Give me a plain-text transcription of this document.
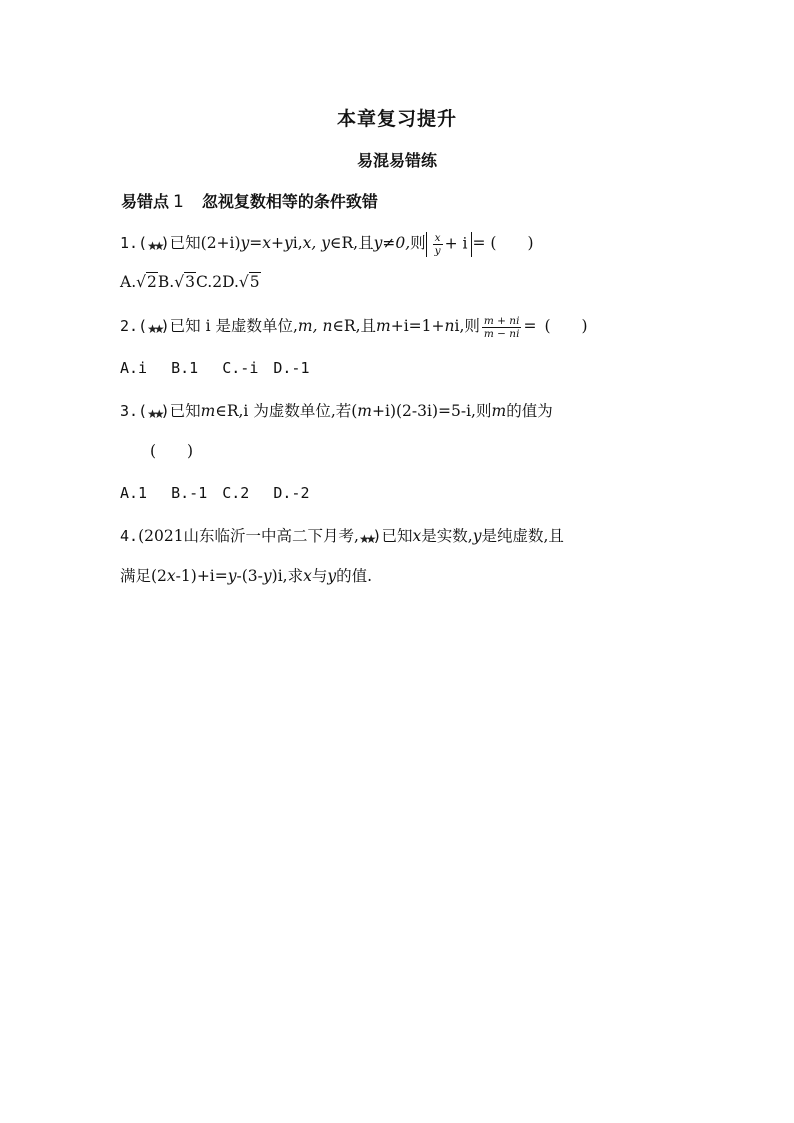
本章复习提升
易混易错练
易错点 1 忽视复数相等的条件致错
1.(★★)已知(2+i)y=x+yi,x, y∈R,且y≠0,则 $\frac{x}{y} + i$ = (　　)
A.√2B.√3C.2D.√5
2.(★★)已知 i 是虚数单位,m, n∈R,且m+i=1+ni,则 $\frac{m + ni}{m - ni}$ = (　　)
A.i　 B.1　 C.-i　D.-1
3.(★★)已知m∈R,i 为虚数单位,若(m+i)(2-3i)=5-i,则m的值为
(　　)
A.1　 B.-1　C.2　 D.-2
4.(2021山东临沂一中高二下月考,★★)已知x是实数,y是纯虚数,且
满足(2x-1)+i=y-(3-y)i,求x与y的值.
